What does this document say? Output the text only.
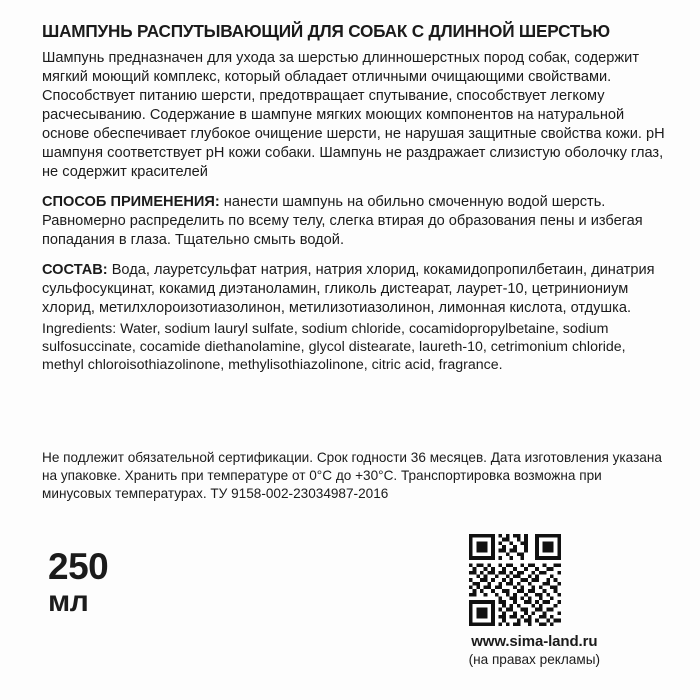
ШАМПУНЬ РАСПУТЫВАЮЩИЙ ДЛЯ СОБАК С ДЛИННОЙ ШЕРСТЬЮ

Шампунь предназначен для ухода за шерстью длинношерстных пород собак, содержит мягкий моющий комплекс, который обладает отличными очищающими свойствами. Способствует питанию шерсти, предотвращает спутывание, способствует легкому расчесыванию. Содержание в шампуне мягких моющих компонентов на натуральной основе обеспечивает глубокое очищение шерсти, не нарушая защитные свойства кожи. pH шампуня соответствует pH кожи собаки. Шампунь не раздражает слизистую оболочку глаз, не содержит красителей

СПОСОБ ПРИМЕНЕНИЯ: нанести шампунь на обильно смоченную водой шерсть. Равномерно распределить по всему телу, слегка втирая до образования пены и избегая попадания в глаза. Тщательно смыть водой.

СОСТАВ: Вода, лауретсульфат натрия, натрия хлорид, кокамидопропилбетаин, динатрия сульфосукцинат, кокамид диэтаноламин, гликоль дистеарат, лаурет-10, цетриниониум хлорид, метилхлороизотиазолинон, метилизотиазолинон, лимонная кислота, отдушка.

Ingredients: Water, sodium lauryl sulfate, sodium chloride, cocamidopropylbetaine, sodium sulfosuccinate, cocamide diethanolamine, glycol distearate, laureth-10, cetrimonium chloride, methyl chloroisothiazolinone, methylisothiazolinone, citric acid, fragrance.

Не подлежит обязательной сертификации. Срок годности 36 месяцев. Дата изготовления указана на упаковке. Хранить при температуре от 0°C до +30°C. Транспортировка возможна при минусовых температурах. ТУ 9158-002-23034987-2016

250
мл
www.sima-land.ru
(на правах рекламы)
